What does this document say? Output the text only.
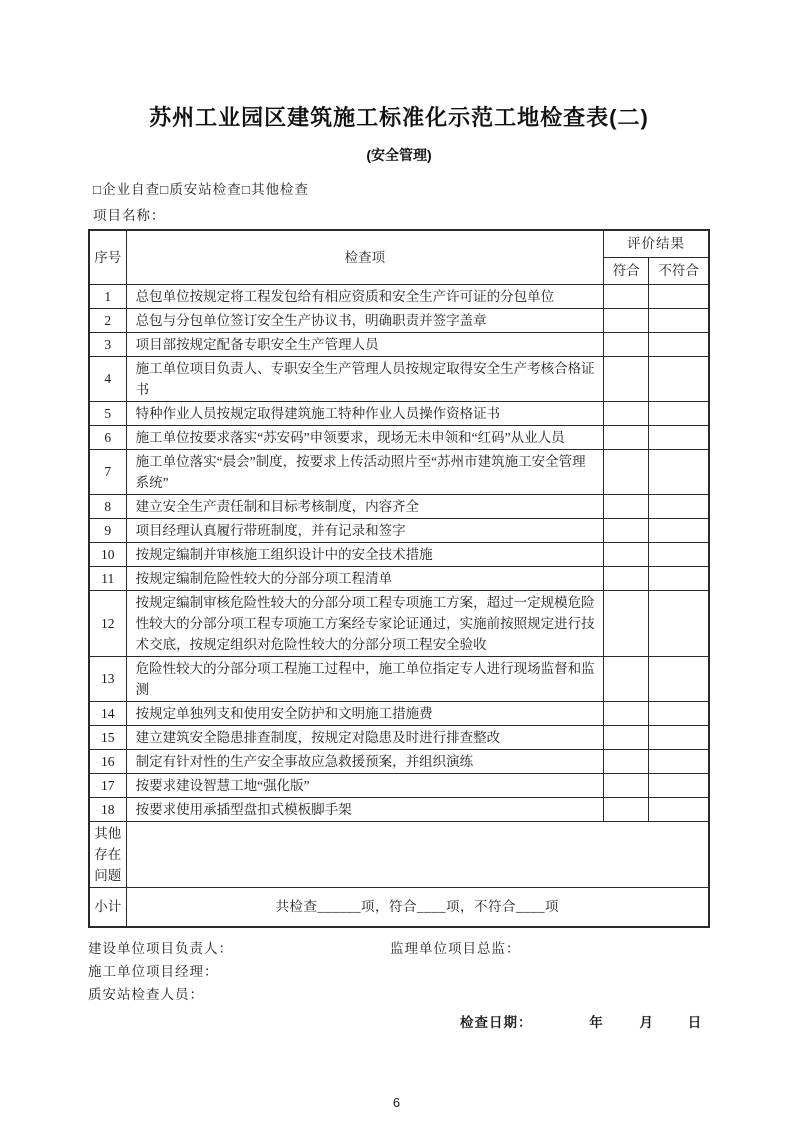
苏州工业园区建筑施工标准化示范工地检查表(二)
(安全管理)
□企业自查□质安站检查□其他检查
项目名称：
序号	检查项	评价结果	
		符合	不符合
1	总包单位按规定将工程发包给有相应资质和安全生产许可证的分包单位		
2	总包与分包单位签订安全生产协议书，明确职责并签字盖章		
3	项目部按规定配备专职安全生产管理人员		
4	施工单位项目负责人、专职安全生产管理人员按规定取得安全生产考核合格证书		
5	特种作业人员按规定取得建筑施工特种作业人员操作资格证书		
6	施工单位按要求落实“苏安码”申领要求，现场无未申领和“红码”从业人员		
7	施工单位落实“晨会”制度，按要求上传活动照片至“苏州市建筑施工安全管理系统”		
8	建立安全生产责任制和目标考核制度，内容齐全		
9	项目经理认真履行带班制度，并有记录和签字		
10	按规定编制并审核施工组织设计中的安全技术措施		
11	按规定编制危险性较大的分部分项工程清单		
12	按规定编制审核危险性较大的分部分项工程专项施工方案，超过一定规模危险性较大的分部分项工程专项施工方案经专家论证通过，实施前按照规定进行技术交底，按规定组织对危险性较大的分部分项工程安全验收		
13	危险性较大的分部分项工程施工过程中，施工单位指定专人进行现场监督和监测		
14	按规定单独列支和使用安全防护和文明施工措施费		
15	建立建筑安全隐患排查制度，按规定对隐患及时进行排查整改		
16	制定有针对性的生产安全事故应急救援预案，并组织演练		
17	按要求建设智慧工地“强化版”		
18	按要求使用承插型盘扣式模板脚手架		
其他存在问题			
小计	共检查______项，符合____项，不符合____项		
建设单位项目负责人：	监理单位项目总监：
施工单位项目经理：
质安站检查人员：
检查日期：	年	月	日
6
